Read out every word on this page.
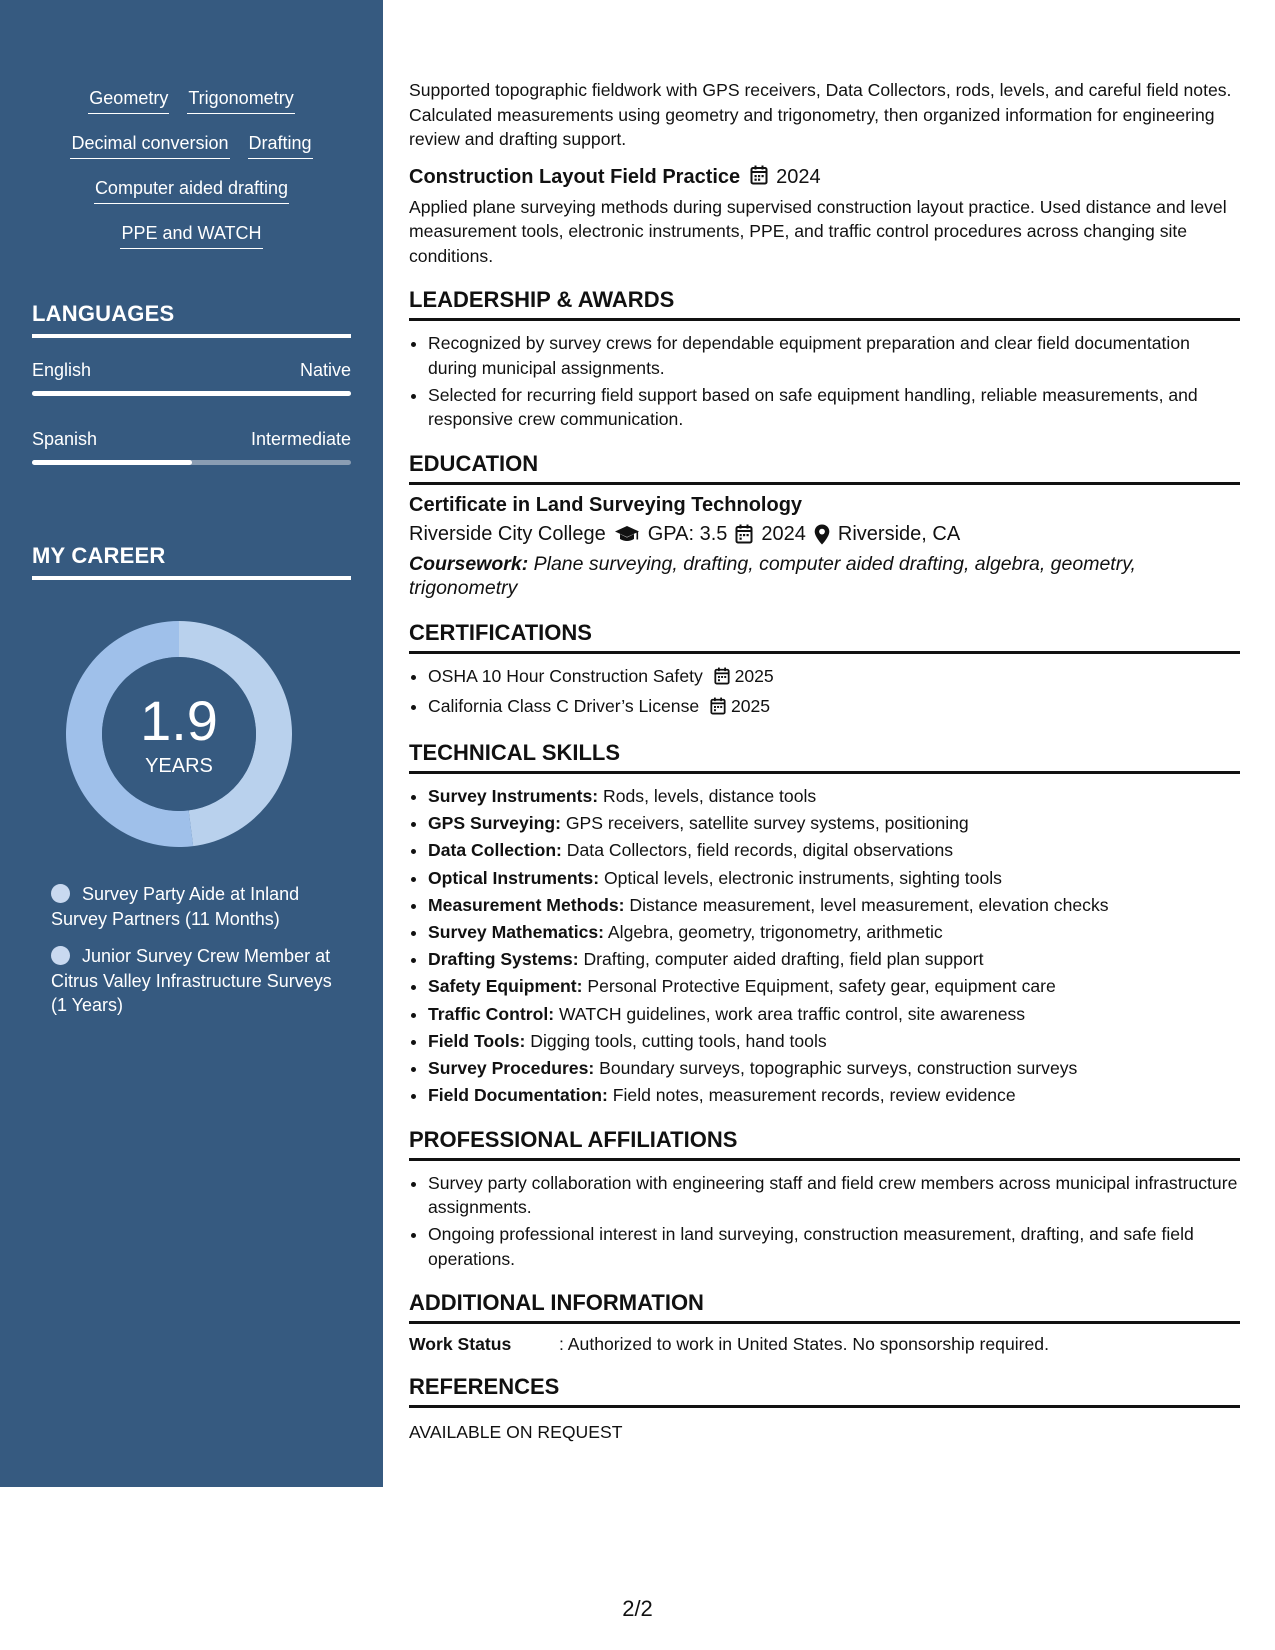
Geometry Trigonometry
Decimal conversion Drafting
Computer aided drafting
PPE and WATCH
LANGUAGES
English	Native
Spanish	Intermediate
MY CAREER
1.9
YEARS
Survey Party Aide at Inland Survey Partners (11 Months)
Junior Survey Crew Member at Citrus Valley Infrastructure Surveys (1 Years)

Supported topographic fieldwork with GPS receivers, Data Collectors, rods, levels, and careful field notes. Calculated measurements using geometry and trigonometry, then organized information for engineering review and drafting support.

Construction Layout Field Practice 2024

Applied plane surveying methods during supervised construction layout practice. Used distance and level measurement tools, electronic instruments, PPE, and traffic control procedures across changing site conditions.

LEADERSHIP & AWARDS
• Recognized by survey crews for dependable equipment preparation and clear field documentation during municipal assignments.
• Selected for recurring field support based on safe equipment handling, reliable measurements, and responsive crew communication.
EDUCATION
Certificate in Land Surveying Technology
Riverside City College GPA: 3.5 2024 Riverside, CA
Coursework: Plane surveying, drafting, computer aided drafting, algebra, geometry, trigonometry
CERTIFICATIONS
• OSHA 10 Hour Construction Safety 2025
• California Class C Driver’s License 2025
TECHNICAL SKILLS
• Survey Instruments: Rods, levels, distance tools
• GPS Surveying: GPS receivers, satellite survey systems, positioning
• Data Collection: Data Collectors, field records, digital observations
• Optical Instruments: Optical levels, electronic instruments, sighting tools
• Measurement Methods: Distance measurement, level measurement, elevation checks
• Survey Mathematics: Algebra, geometry, trigonometry, arithmetic
• Drafting Systems: Drafting, computer aided drafting, field plan support
• Safety Equipment: Personal Protective Equipment, safety gear, equipment care
• Traffic Control: WATCH guidelines, work area traffic control, site awareness
• Field Tools: Digging tools, cutting tools, hand tools
• Survey Procedures: Boundary surveys, topographic surveys, construction surveys
• Field Documentation: Field notes, measurement records, review evidence
PROFESSIONAL AFFILIATIONS
• Survey party collaboration with engineering staff and field crew members across municipal infrastructure assignments.
• Ongoing professional interest in land surveying, construction measurement, drafting, and safe field operations.
ADDITIONAL INFORMATION
Work Status	: Authorized to work in United States. No sponsorship required.
REFERENCES
AVAILABLE ON REQUEST
2/2
